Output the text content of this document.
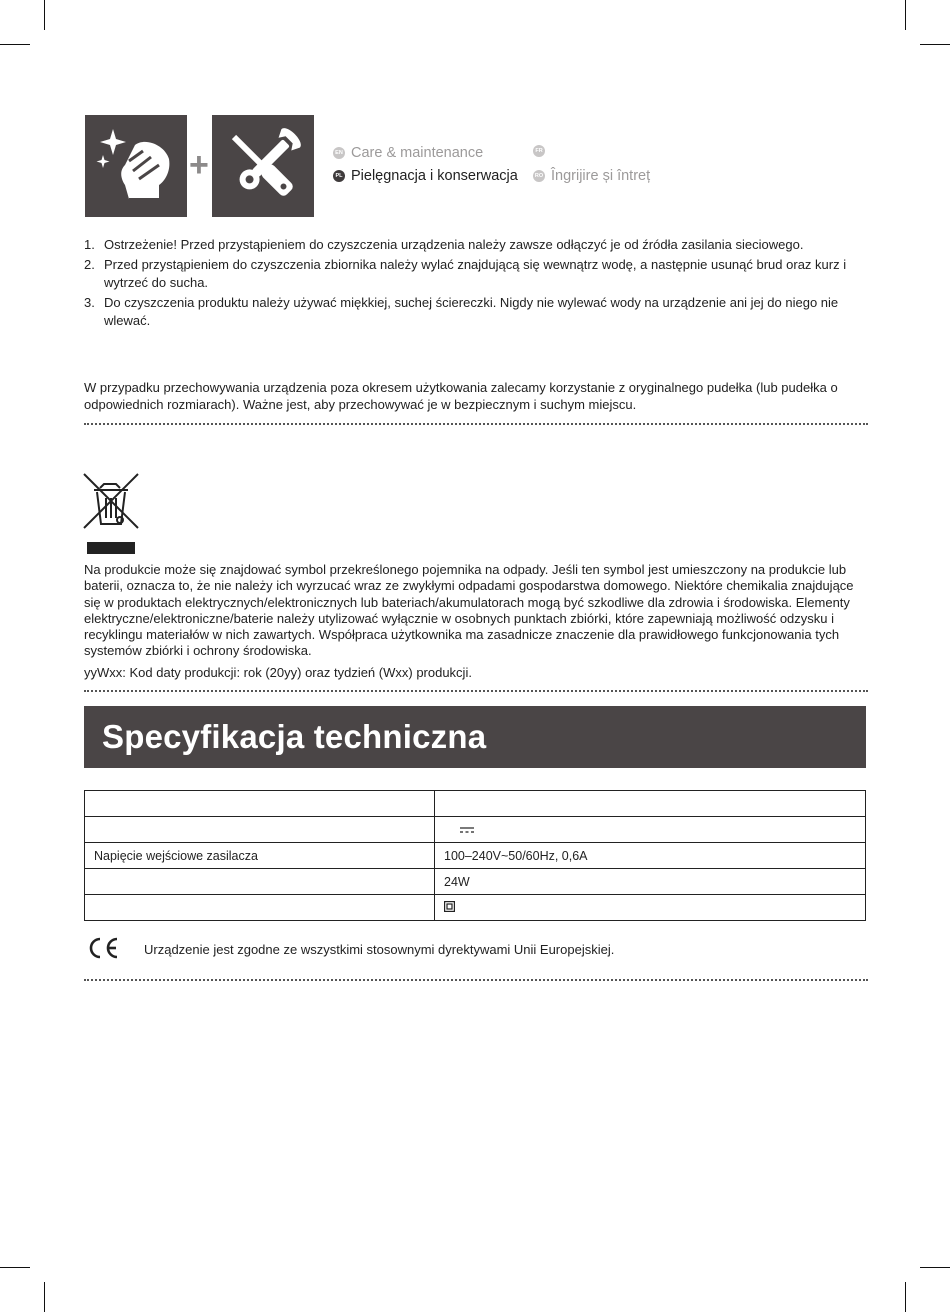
+	EN Care & maintenance
PL Pielęgnacja i konserwacja
FR
RO Îngrijire și întreț
1. Ostrzeżenie! Przed przystąpieniem do czyszczenia urządzenia należy zawsze odłączyć je od źródła zasilania sieciowego.
2. Przed przystąpieniem do czyszczenia zbiornika należy wylać znajdującą się wewnątrz wodę, a następnie usunąć brud oraz kurz i wytrzeć do sucha.
3. Do czyszczenia produktu należy używać miękkiej, suchej ściereczki. Nigdy nie wylewać wody na urządzenie ani jej do niego nie wlewać.
W przypadku przechowywania urządzenia poza okresem użytkowania zalecamy korzystanie z oryginalnego pudełka (lub pudełka o odpowiednich rozmiarach). Ważne jest, aby przechowywać je w bezpiecznym i suchym miejscu.
Na produkcie może się znajdować symbol przekreślonego pojemnika na odpady. Jeśli ten symbol jest umieszczony na produkcie lub baterii, oznacza to, że nie należy ich wyrzucać wraz ze zwykłymi odpadami gospodarstwa domowego. Niektóre chemikalia znajdujące się w produktach elektrycznych/elektronicznych lub bateriach/akumulatorach mogą być szkodliwe dla zdrowia i środowiska. Elementy elektryczne/elektroniczne/baterie należy utylizować wyłącznie w osobnych punktach zbiórki, które zapewniają możliwość odzysku i recyklingu materiałów w nich zawartych. Współpraca użytkownika ma zasadnicze znaczenie dla prawidłowego funkcjonowania tych systemów zbiórki i ochrony środowiska.
yyWxx: Kod daty produkcji: rok (20yy) oraz tydzień (Wxx) produkcji.
Specyfikacja techniczna

Napięcie wejściowe zasilacza	100–240V~50/60Hz, 0,6A
	24W

Urządzenie jest zgodne ze wszystkimi stosownymi dyrektywami Unii Europejskiej.
